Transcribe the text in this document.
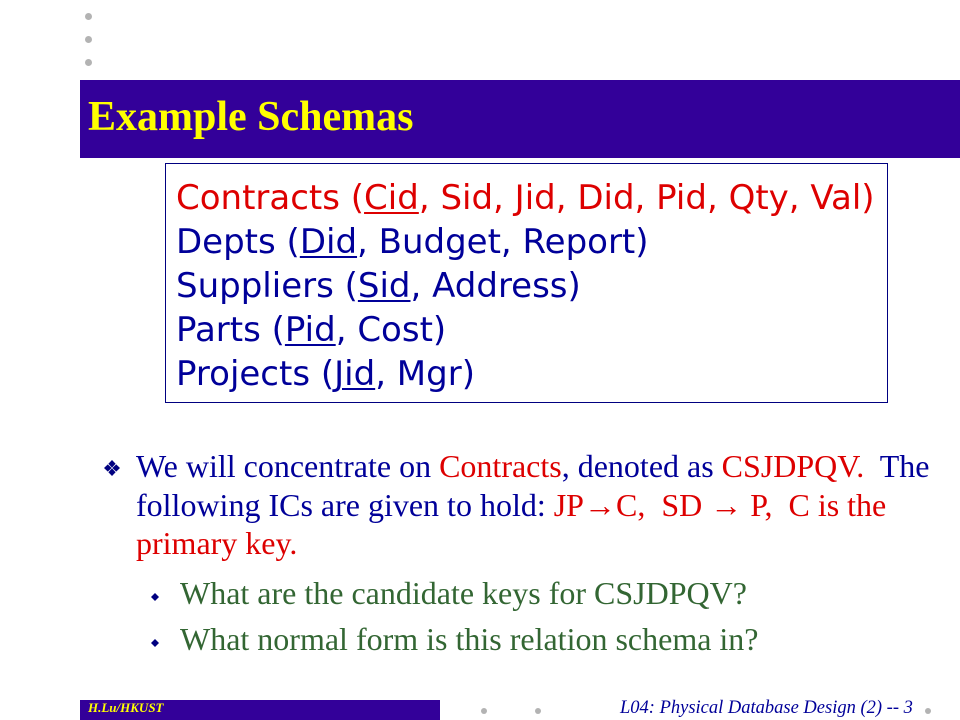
Example Schemas
Contracts ( Cid , Sid, Jid, Did, Pid, Qty, Val)
Depts ( Did , Budget, Report)
Suppliers ( Sid , Address)
Parts ( Pid , Cost)
Projects ( Jid , Mgr)
We will concentrate on Contracts , denoted as CSJDPQV. The
following ICs are given to hold: JP→C,  SD → P,  C is the
primary key.
What are the candidate keys for CSJDPQV?
What normal form is this relation schema in?
H.Lu/HKUST	L04: Physical Database Design (2) -- 3
